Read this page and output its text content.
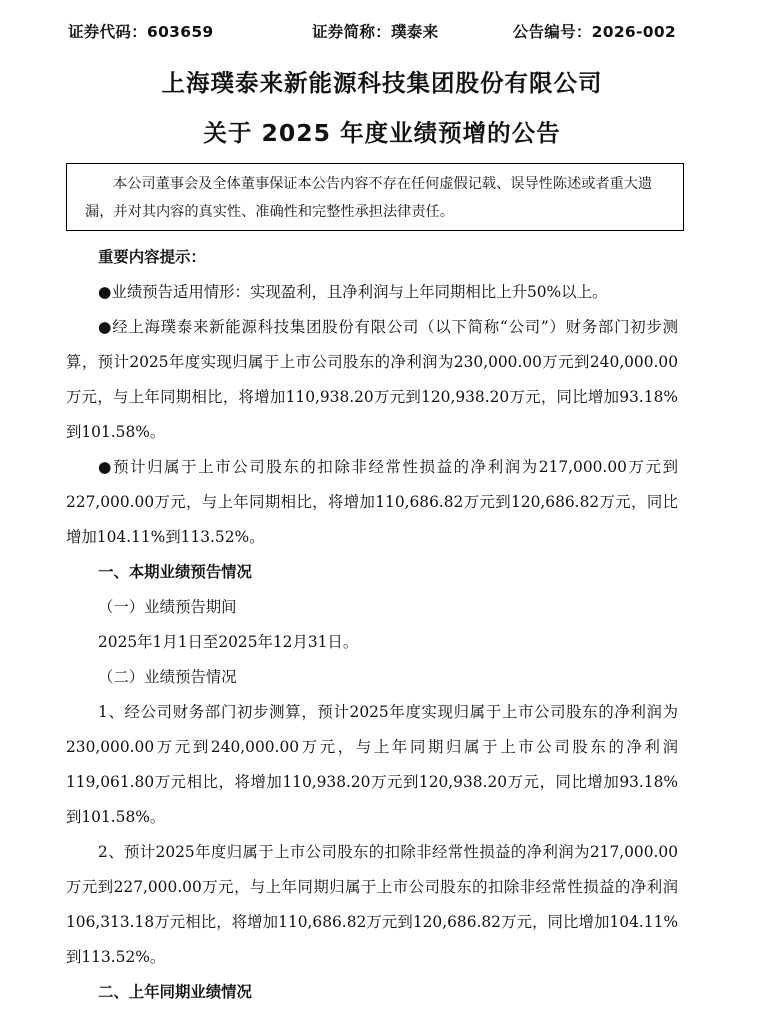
证券代码：603659	证券简称：璞泰来	公告编号：2026-002
上海璞泰来新能源科技集团股份有限公司
关于 2025 年度业绩预增的公告

本公司董事会及全体董事保证本公告内容不存在任何虚假记载、误导性陈述或者重大遗漏，并对其内容的真实性、准确性和完整性承担法律责任。

重要内容提示：

●业绩预告适用情形：实现盈利，且净利润与上年同期相比上升50%以上。

●经上海璞泰来新能源科技集团股份有限公司（以下简称“公司”）财务部门初步测算，预计2025年度实现归属于上市公司股东的净利润为230,000.00万元到240,000.00万元，与上年同期相比，将增加110,938.20万元到120,938.20万元，同比增加93.18%到101.58%。

●预计归属于上市公司股东的扣除非经常性损益的净利润为217,000.00万元到227,000.00万元，与上年同期相比，将增加110,686.82万元到120,686.82万元，同比增加104.11%到113.52%。

一、本期业绩预告情况

（一）业绩预告期间

2025年1月1日至2025年12月31日。

（二）业绩预告情况

1、经公司财务部门初步测算，预计2025年度实现归属于上市公司股东的净利润为230,000.00万元到240,000.00万元，与上年同期归属于上市公司股东的净利润119,061.80万元相比，将增加110,938.20万元到120,938.20万元，同比增加93.18%到101.58%。

2、预计2025年度归属于上市公司股东的扣除非经常性损益的净利润为217,000.00万元到227,000.00万元，与上年同期归属于上市公司股东的扣除非经常性损益的净利润106,313.18万元相比，将增加110,686.82万元到120,686.82万元，同比增加104.11%到113.52%。

二、上年同期业绩情况
